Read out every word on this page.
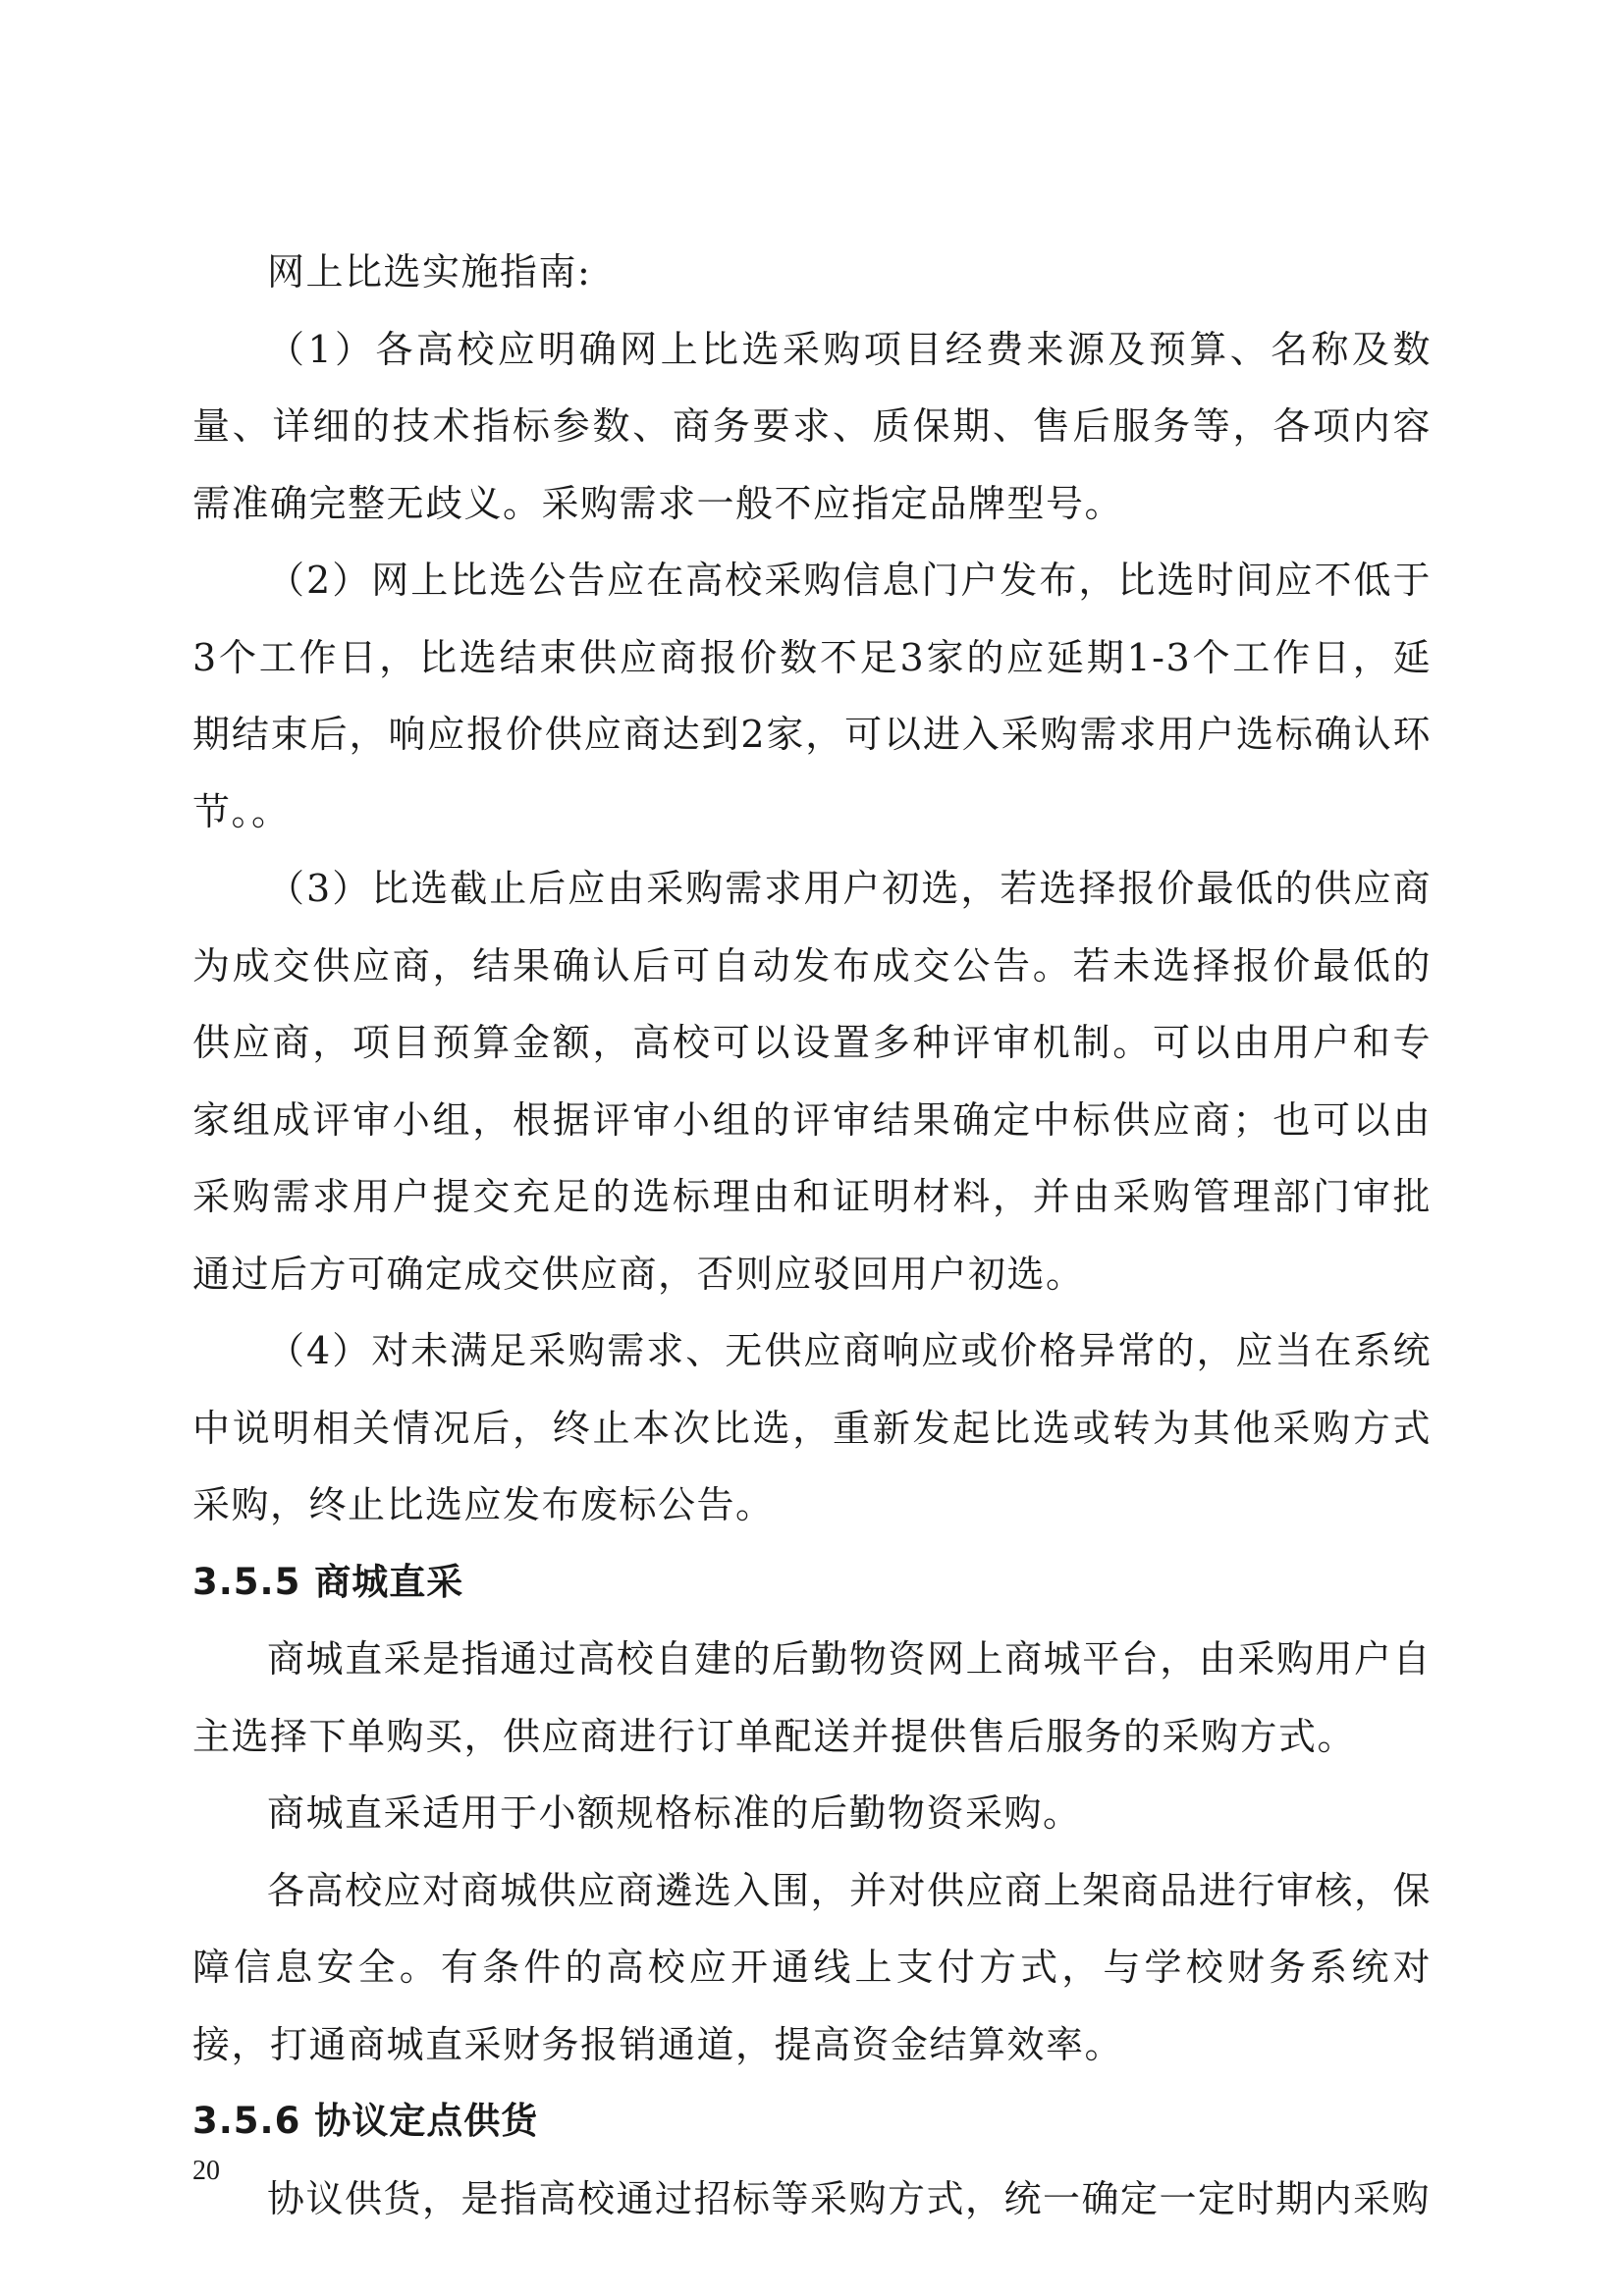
网上比选实施指南:

（1）各高校应明确网上比选采购项目经费来源及预算、名称及数量、详细的技术指标参数、商务要求、质保期、售后服务等，各项内容需准确完整无歧义。采购需求一般不应指定品牌型号。

（2）网上比选公告应在高校采购信息门户发布，比选时间应不低于3个工作日，比选结束供应商报价数不足3家的应延期1-3个工作日，延期结束后，响应报价供应商达到2家，可以进入采购需求用户选标确认环节。。

（3）比选截止后应由采购需求用户初选，若选择报价最低的供应商为成交供应商，结果确认后可自动发布成交公告。若未选择报价最低的供应商，项目预算金额，高校可以设置多种评审机制。可以由用户和专家组成评审小组，根据评审小组的评审结果确定中标供应商；也可以由采购需求用户提交充足的选标理由和证明材料，并由采购管理部门审批通过后方可确定成交供应商，否则应驳回用户初选。

（4）对未满足采购需求、无供应商响应或价格异常的，应当在系统中说明相关情况后，终止本次比选，重新发起比选或转为其他采购方式采购，终止比选应发布废标公告。

3.5.5 商城直采

商城直采是指通过高校自建的后勤物资网上商城平台，由采购用户自主选择下单购买，供应商进行订单配送并提供售后服务的采购方式。

商城直采适用于小额规格标准的后勤物资采购。

各高校应对商城供应商遴选入围，并对供应商上架商品进行审核，保障信息安全。有条件的高校应开通线上支付方式，与学校财务系统对接，打通商城直采财务报销通道，提高资金结算效率。

3.5.6 协议定点供货

协议供货，是指高校通过招标等采购方式，统一确定一定时期内采购

20
